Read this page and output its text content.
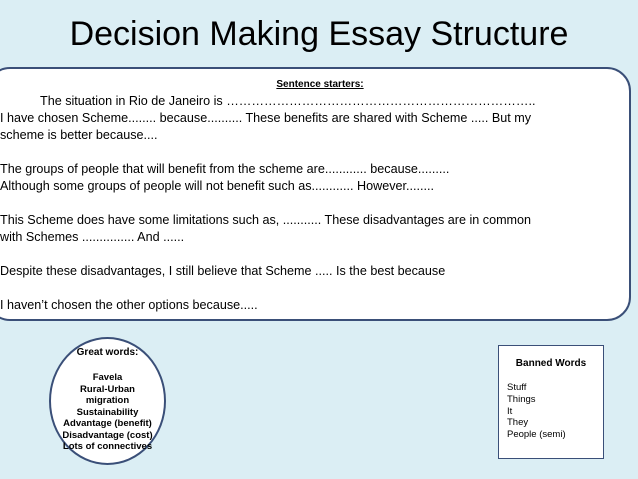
Decision Making Essay Structure
Sentence starters:
The situation in Rio de Janeiro is ………………………………………………………………..
I have chosen Scheme........ because.......... These benefits are shared with Scheme ..... But my
scheme is better because....
The groups of people that will benefit from the scheme are............ because.........
Although some groups of people will not benefit such as............ However........
This Scheme does have some limitations such as, ........... These disadvantages are in common
with Schemes ............... And ......
Despite these disadvantages, I still believe that Scheme ..... Is the best because
I haven’t chosen the other options because.....
Great words:
Favela
Rural-Urban
migration
Sustainability
Advantage (benefit)
Disadvantage (cost)
Lots of connectives
Banned Words
Stuff
Things
It
They
People (semi)
